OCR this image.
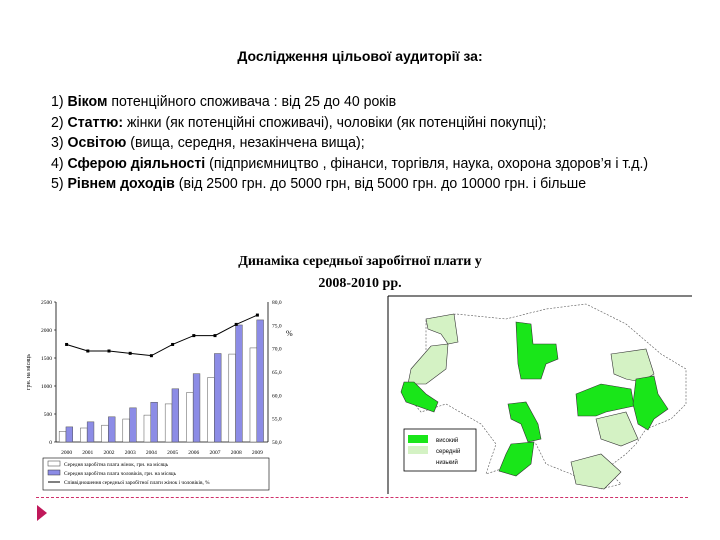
Дослідження цільової аудиторії за:
1) Віком потенційного споживача : від 25 до 40 років
2) Статтю: жінки (як потенційні споживачі), чоловіки (як потенційні покупці);
3) Освітою (вища, середня, незакінчена вища);
4) Сферою діяльності (підприємництво , фінанси, торгівля, наука, охорона здоров’я і т.д.)
5) Рівнем доходів (від 2500 грн. до 5000 грн, від 5000 грн. до 10000 грн. і більше
Динаміка середньої заробітної плати у
2008-2010 рр.
0
500
1000
1500
2000
2500
50,0
55,0
60,0
65,0
70,0
75,0
80,0
грн. на місяць
%
2000 2001 2002 2003 2004 2005 2006 2007 2008 2009
Середня заробітна плата жінок, грн. на місяць
Середня заробітна плата чоловіків, грн. на місяць
Співвідношення середньої заробітної плати жінок і чоловіків, %
високий
середній
низький
